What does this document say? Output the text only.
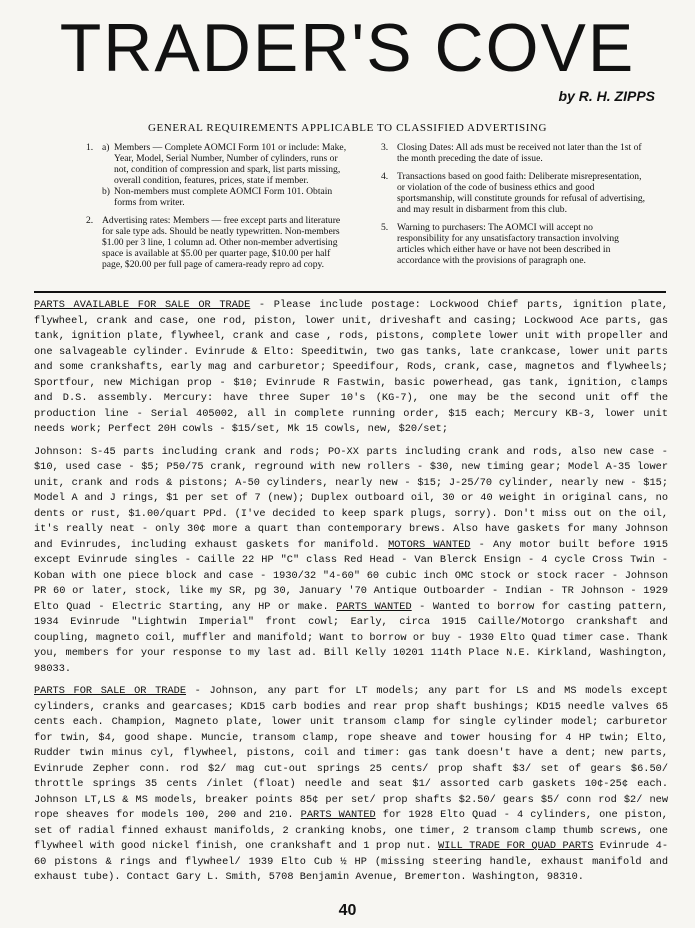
TRADER'S COVE
by R. H. ZIPPS
GENERAL REQUIREMENTS APPLICABLE TO CLASSIFIED ADVERTISING
1. a) Members — Complete AOMCI Form 101 or include: Make, Year, Model, Serial Number, Number of cylinders, runs or not, condition of compression and spark, list parts missing, overall condition, features, prices, state if member.
b) Non-members must complete AOMCI Form 101. Obtain forms from writer.
2. Advertising rates: Members — free except parts and literature for sale type ads. Should be neatly typewritten. Non-members $1.00 per 3 line, 1 column ad. Other non-member advertising space is available at $5.00 per quarter page, $10.00 per half page, $20.00 per full page of camera-ready repro ad copy.
3. Closing Dates: All ads must be received not later than the 1st of the month preceding the date of issue.
4. Transactions based on good faith: Deliberate misrepresentation, or violation of the code of business ethics and good sportsmanship, will constitute grounds for refusal of advertising, and may result in disbarment from this club.
5. Warning to purchasers: The AOMCI will accept no responsibility for any unsatisfactory transaction involving articles which either have or have not been described in accordance with the provisions of paragraph one.

PARTS AVAILABLE FOR SALE OR TRADE - Please include postage: Lockwood Chief parts, ignition plate, flywheel, crank and case, one rod, piston, lower unit, driveshaft and casing; Lockwood Ace parts, gas tank, ignition plate, flywheel, crank and case , rods, pistons, complete lower unit with propeller and one salvageable cylinder. Evinrude & Elto: Speeditwin, two gas tanks, late crankcase, lower unit parts and some crankshafts, early mag and carburetor; Speedifour, Rods, crank, case, magnetos and flywheels; Sportfour, new Michigan prop - $10; Evinrude R Fastwin, basic powerhead, gas tank, ignition, clamps and D.S. assembly. Mercury: have three Super 10's (KG-7), one may be the second unit off the production line - Serial 405002, all in complete running order, $15 each; Mercury KB-3, lower unit needs work; Perfect 20H cowls - $15/set, Mk 15 cowls, new, $20/set;

Johnson: S-45 parts including crank and rods; PO-XX parts including crank and rods, also new case - $10, used case - $5; P50/75 crank, reground with new rollers - $30, new timing gear; Model A-35 lower unit, crank and rods & pistons; A-50 cylinders, nearly new - $15; J-25/70 cylinder, nearly new - $15; Model A and J rings, $1 per set of 7 (new); Duplex outboard oil, 30 or 40 weight in original cans, no dents or rust, $1.00/quart PPd. (I've decided to keep spark plugs, sorry). Don't miss out on the oil, it's really neat - only 30¢ more a quart than contemporary brews. Also have gaskets for many Johnson and Evinrudes, including exhaust gaskets for manifold. MOTORS WANTED - Any motor built before 1915 except Evinrude singles - Caille 22 HP "C" class Red Head - Van Blerck Ensign - 4 cycle Cross Twin - Koban with one piece block and case - 1930/32 "4-60" 60 cubic inch OMC stock or stock racer - Johnson PR 60 or later, stock, like my SR, pg 30, January '70 Antique Outboarder - Indian - TR Johnson - 1929 Elto Quad - Electric Starting, any HP or make. PARTS WANTED - Wanted to borrow for casting pattern, 1934 Evinrude "Lightwin Imperial" front cowl; Early, circa 1915 Caille/Motorgo crankshaft and coupling, magneto coil, muffler and manifold; Want to borrow or buy - 1930 Elto Quad timer case. Thank you, members for your response to my last ad. Bill Kelly 10201 114th Place N.E. Kirkland, Washington, 98033.

PARTS FOR SALE OR TRADE - Johnson, any part for LT models; any part for LS and MS models except cylinders, cranks and gearcases; KD15 carb bodies and rear prop shaft bushings; KD15 needle valves 65 cents each. Champion, Magneto plate, lower unit transom clamp for single cylinder model; carburetor for twin, $4, good shape. Muncie, transom clamp, rope sheave and tower housing for 4 HP twin; Elto, Rudder twin minus cyl, flywheel, pistons, coil and timer: gas tank doesn't have a dent; new parts, Evinrude Zepher conn. rod $2/ mag cut-out springs 25 cents/ prop shaft $3/ set of gears $6.50/ throttle springs 35 cents /inlet (float) needle and seat $1/ assorted carb gaskets 10¢-25¢ each. Johnson LT,LS & MS models, breaker points 85¢ per set/ prop shafts $2.50/ gears $5/ conn rod $2/ new rope sheaves for models 100, 200 and 210. PARTS WANTED for 1928 Elto Quad - 4 cylinders, one piston, set of radial finned exhaust manifolds, 2 cranking knobs, one timer, 2 transom clamp thumb screws, one flywheel with good nickel finish, one crankshaft and 1 prop nut. WILL TRADE FOR QUAD PARTS Evinrude 4-60 pistons & rings and flywheel/ 1939 Elto Cub ½ HP (missing steering handle, exhaust manifold and exhaust tube). Contact Gary L. Smith, 5708 Benjamin Avenue, Bremerton. Washington, 98310.

40
